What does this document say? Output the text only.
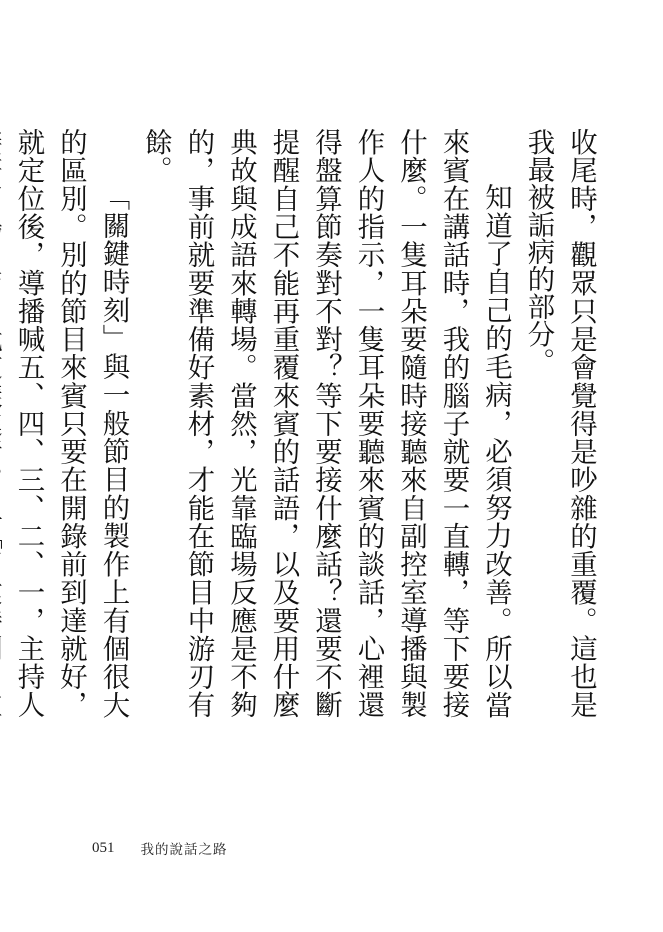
收尾時，觀眾只是會覺得是吵雜的重覆。這也是我最被詬病的部分。

知道了自己的毛病，必須努力改善。所以當來賓在講話時，我的腦子就要一直轉，等下要接什麼。一隻耳朵要隨時接聽來自副控室導播與製作人的指示，一隻耳朵要聽來賓的談話，心裡還得盤算節奏對不對？等下要接什麼話？還要不斷提醒自己不能再重覆來賓的話語，以及要用什麼典故與成語來轉場。當然，光靠臨場反應是不夠的，事前就要準備好素材，才能在節目中游刃有餘。

「關鍵時刻」與一般節目的製作上有個很大的區別。別的節目來賓只要在開錄前到達就好，就定位後，導播喊五、四、三、二、一，主持人

051 我的說話之路
